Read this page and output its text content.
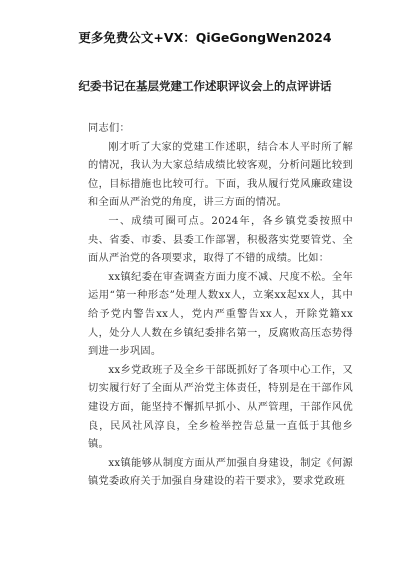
更多免费公文+VX：QiGeGongWen2024
纪委书记在基层党建工作述职评议会上的点评讲话

同志们：

刚才听了大家的党建工作述职，结合本人平时所了解的情况，我认为大家总结成绩比较客观，分析问题比较到位，目标措施也比较可行。下面，我从履行党风廉政建设和全面从严治党的角度，讲三方面的情况。

一、成绩可圈可点。2024年，各乡镇党委按照中央、省委、市委、县委工作部署，积极落实党要管党、全面从严治党的各项要求，取得了不错的成绩。比如：

xx镇纪委在审查调查方面力度不减、尺度不松。全年运用“第一种形态”处理人数xx人，立案xx起xx人，其中给予党内警告xx人，党内严重警告xx人，开除党籍xx人，处分人人数在乡镇纪委排名第一，反腐败高压态势得到进一步巩固。

xx乡党政班子及全乡干部既抓好了各项中心工作，又切实履行好了全面从严治党主体责任，特别是在干部作风建设方面，能坚持不懈抓早抓小、从严管理，干部作风优良，民风社风淳良，全乡检举控告总量一直低于其他乡镇。

xx镇能够从制度方面从严加强自身建设，制定《何源镇党委政府关于加强自身建设的若干要求》，要求党政班
